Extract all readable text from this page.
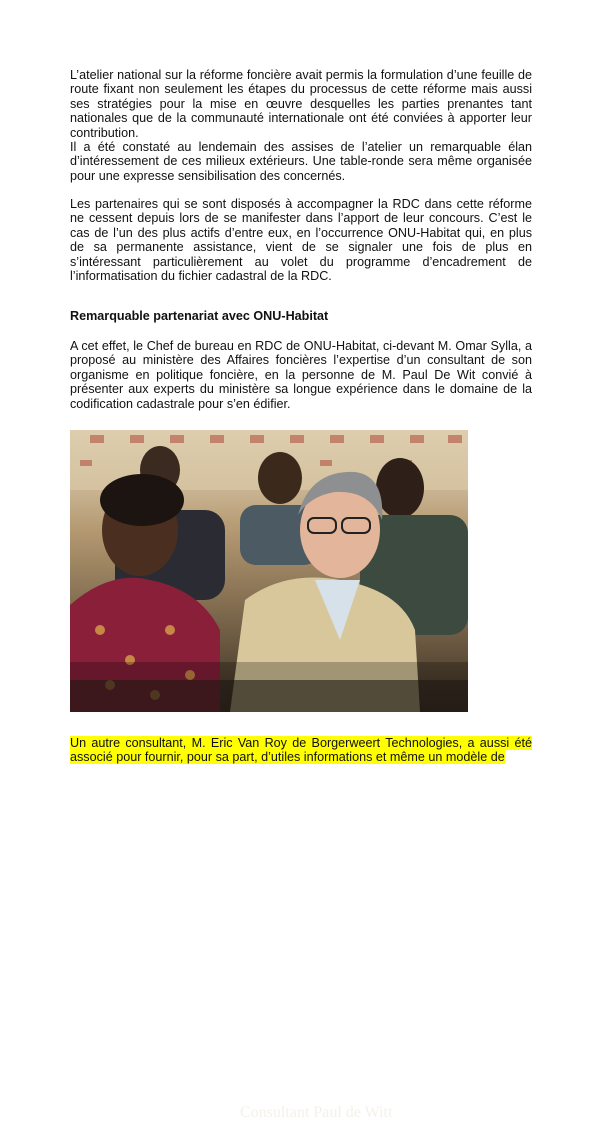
L’atelier national sur la réforme foncière avait permis la formulation d’une feuille de route fixant non seulement les étapes du processus de cette réforme mais aussi ses stratégies pour la mise en œuvre desquelles les parties prenantes tant nationales que de la communauté internationale ont été conviées à apporter leur contribution.

Il a été constaté au lendemain des assises de l’atelier un remarquable élan d’intéressement de ces milieux extérieurs. Une table-ronde sera même organisée pour une expresse sensibilisation des concernés.

Les partenaires qui se sont disposés à accompagner la RDC dans cette réforme ne cessent depuis lors de se manifester dans l’apport de leur concours. C’est le cas de l’un des plus actifs d’entre eux, en l’occurrence ONU-Habitat qui, en plus de sa permanente assistance, vient de se signaler une fois de plus en s’intéressant particulièrement au volet du programme d’encadrement de l’informatisation du fichier cadastral de la RDC.

Remarquable partenariat avec ONU-Habitat

A cet effet, le Chef de bureau en RDC de ONU-Habitat, ci-devant M. Omar Sylla, a proposé au ministère des Affaires foncières l’expertise d’un consultant de son organisme en politique foncière, en la personne de M. Paul De Wit convié à présenter aux experts du ministère sa longue expérience dans le domaine de la codification cadastrale pour s’en édifier.

Consultant Paul de Witt
PHOTO BY DIGITALCONGO

Un autre consultant, M. Eric Van Roy de Borgerweert Technologies, a aussi été associé pour fournir, pour sa part, d’utiles informations et même un modèle de
